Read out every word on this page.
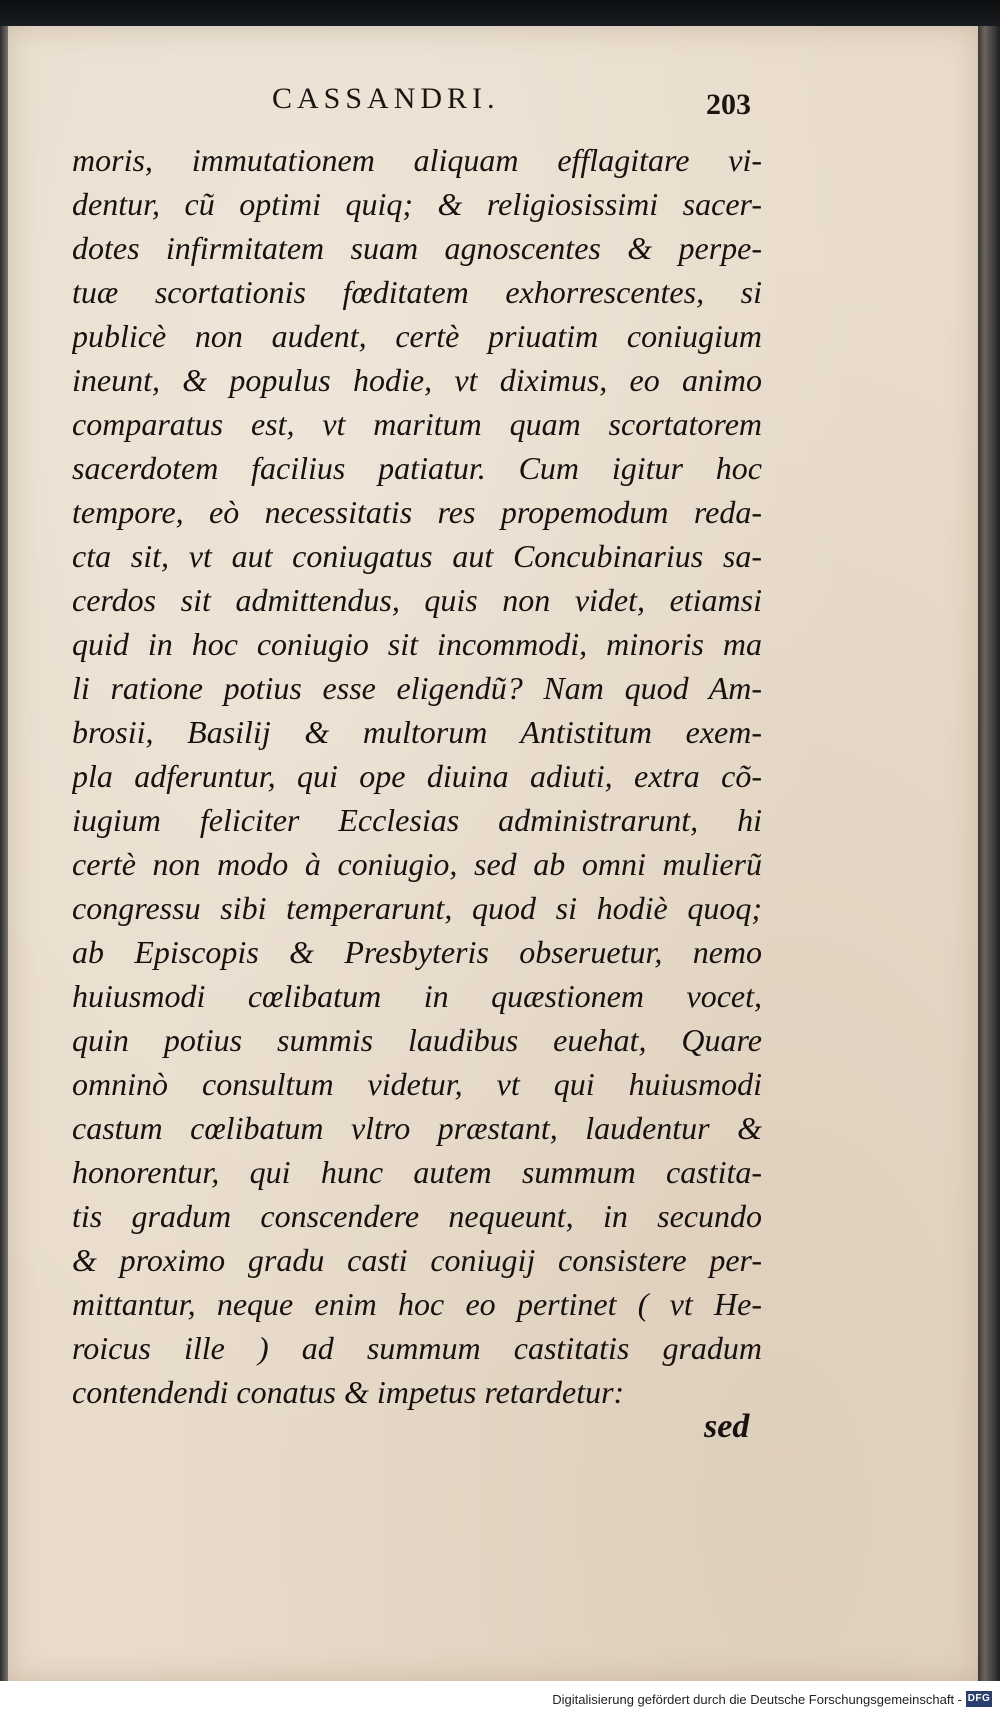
CASSANDRI.	203
moris, immutationem aliquam efflagitare vi-
dentur, cũ optimi quiq; & religiosissimi sacer-
dotes infirmitatem suam agnoscentes & perpe-
tuæ scortationis fœditatem exhorrescentes, si
publicè non audent, certè priuatim coniugium
ineunt, & populus hodie, vt diximus, eo animo
comparatus est, vt maritum quam scortatorem
sacerdotem facilius patiatur. Cum igitur hoc
tempore, eò necessitatis res propemodum reda-
cta sit, vt aut coniugatus aut Concubinarius sa-
cerdos sit admittendus, quis non videt, etiamsi
quid in hoc coniugio sit incommodi, minoris ma
li ratione potius esse eligendũ? Nam quod Am-
brosii, Basilij & multorum Antistitum exem-
pla adferuntur, qui ope diuina adiuti, extra cõ-
iugium feliciter Ecclesias administrarunt, hi
certè non modo à coniugio, sed ab omni mulierũ
congressu sibi temperarunt, quod si hodiè quoq;
ab Episcopis & Presbyteris obseruetur, nemo
huiusmodi cœlibatum in quæstionem vocet,
quin potius summis laudibus euehat, Quare
omninò consultum videtur, vt qui huiusmodi
castum cœlibatum vltro præstant, laudentur &
honorentur, qui hunc autem summum castita-
tis gradum conscendere nequeunt, in secundo
& proximo gradu casti coniugij consistere per-
mittantur, neque enim hoc eo pertinet ( vt He-
roicus ille ) ad summum castitatis gradum
contendendi conatus & impetus retardetur:
sed
Digitalisierung gefördert durch die Deutsche Forschungsgemeinschaft - DFG
